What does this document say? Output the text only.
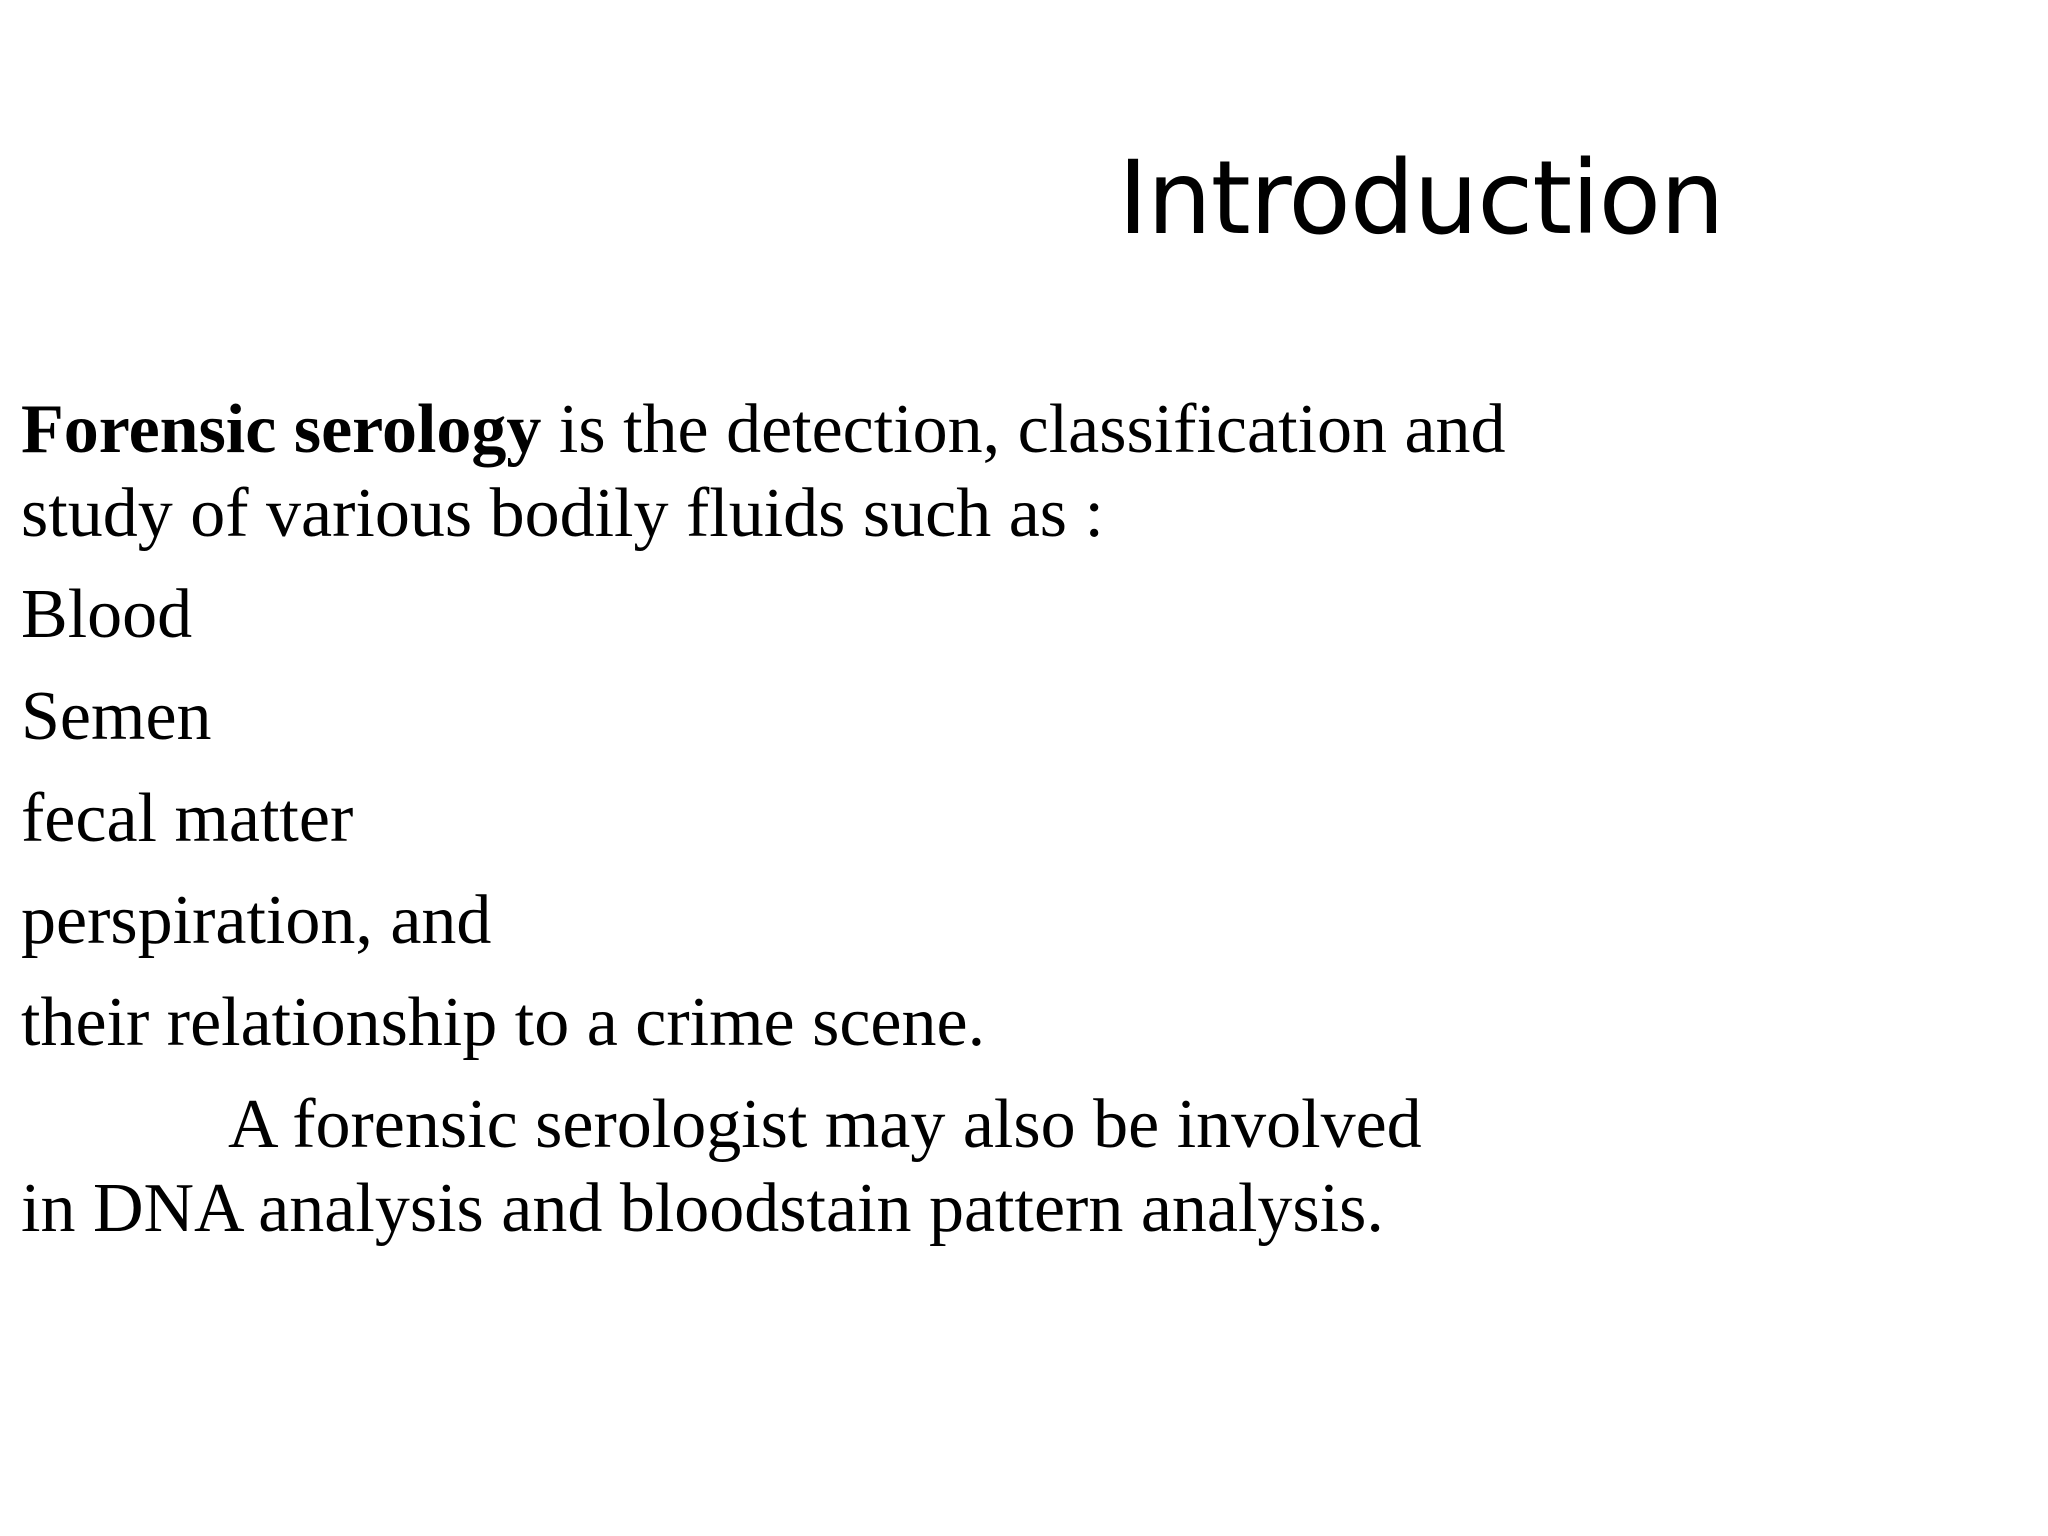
Introduction

Forensic serology is the detection, classification and
study of various bodily fluids such as :

Blood

Semen

fecal matter

perspiration, and

their relationship to a crime scene.

A forensic serologist may also be involved
in DNA analysis and bloodstain pattern analysis.
